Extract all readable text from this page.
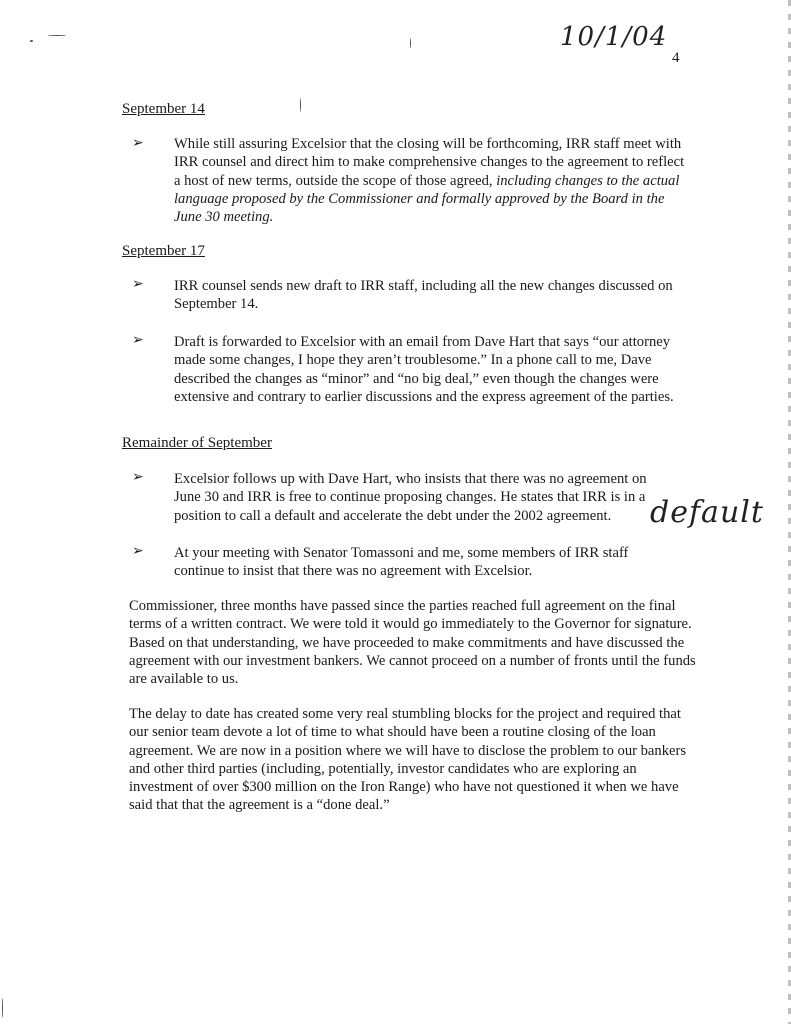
10/1/04
4
September 14
➢ While still assuring Excelsior that the closing will be forthcoming, IRR staff meet with IRR counsel and direct him to make comprehensive changes to the agreement to reflect a host of new terms, outside the scope of those agreed, including changes to the actual language proposed by the Commissioner and formally approved by the Board in the June 30 meeting.
September 17
➢ IRR counsel sends new draft to IRR staff, including all the new changes discussed on September 14.
➢ Draft is forwarded to Excelsior with an email from Dave Hart that says “our attorney made some changes, I hope they aren’t troublesome.” In a phone call to me, Dave described the changes as “minor” and “no big deal,” even though the changes were extensive and contrary to earlier discussions and the express agreement of the parties.
Remainder of September
➢ Excelsior follows up with Dave Hart, who insists that there was no agreement on June 30 and IRR is free to continue proposing changes. He states that IRR is in a position to call a default and accelerate the debt under the 2002 agreement.	default
➢ At your meeting with Senator Tomassoni and me, some members of IRR staff continue to insist that there was no agreement with Excelsior.
Commissioner, three months have passed since the parties reached full agreement on the final terms of a written contract. We were told it would go immediately to the Governor for signature. Based on that understanding, we have proceeded to make commitments and have discussed the agreement with our investment bankers. We cannot proceed on a number of fronts until the funds are available to us.
The delay to date has created some very real stumbling blocks for the project and required that our senior team devote a lot of time to what should have been a routine closing of the loan agreement. We are now in a position where we will have to disclose the problem to our bankers and other third parties (including, potentially, investor candidates who are exploring an investment of over $300 million on the Iron Range) who have not questioned it when we have said that that the agreement is a “done deal.”
